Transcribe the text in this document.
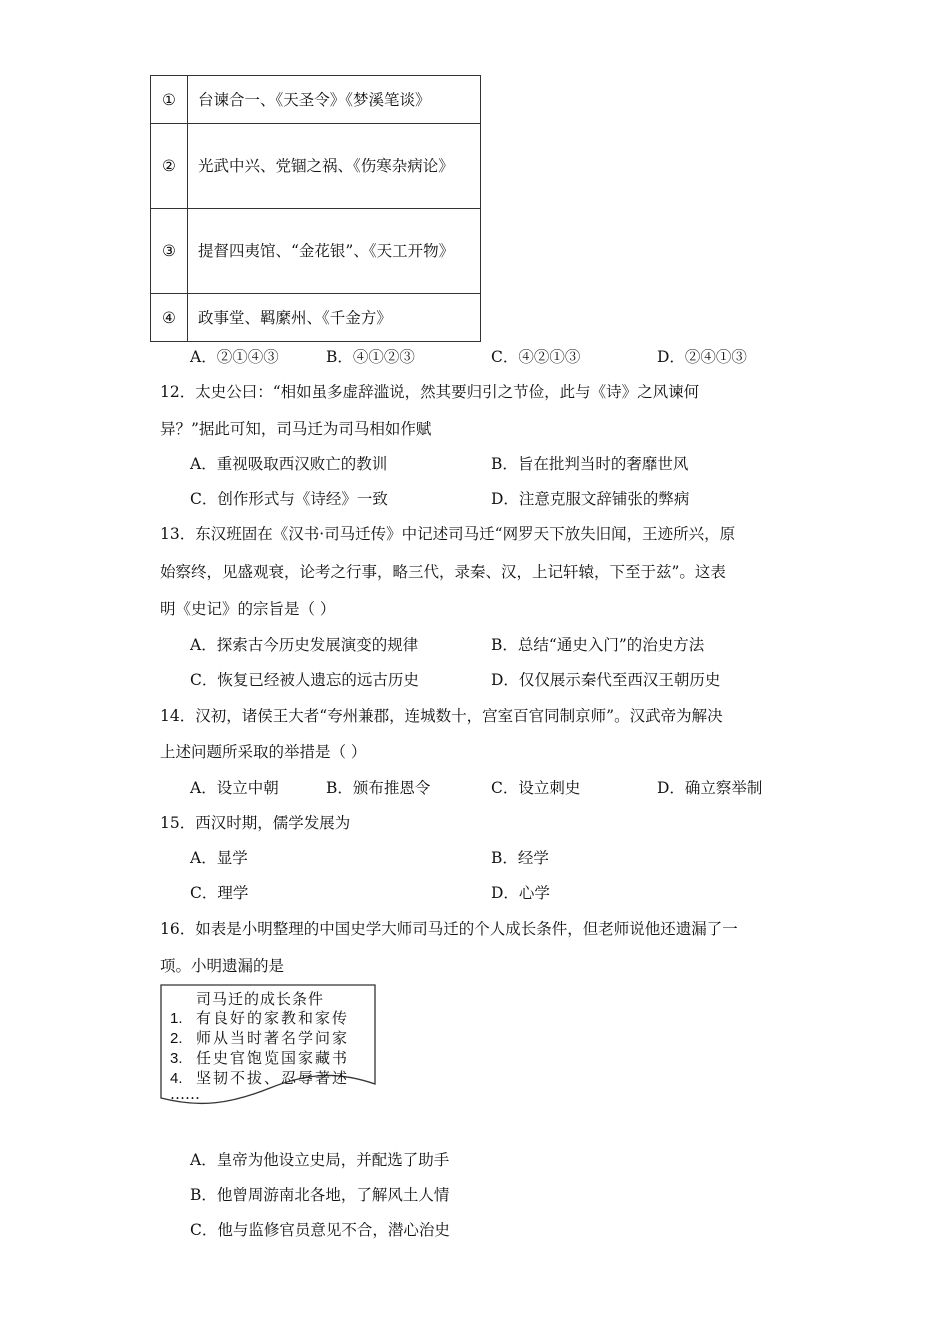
①	台谏合一、《天圣令》《梦溪笔谈》
②	光武中兴、党锢之祸、《伤寒杂病论》
③	提督四夷馆、“金花银”、《天工开物》
④	政事堂、羁縻州、《千金方》
A．②①④③	B．④①②③	C．④②①③	D．②④①③
12．太史公曰：“相如虽多虚辞滥说，然其要归引之节俭，此与《诗》之风谏何
异？”据此可知，司马迁为司马相如作赋
A．重视吸取西汉败亡的教训	B．旨在批判当时的奢靡世风
C．创作形式与《诗经》一致	D．注意克服文辞铺张的弊病
13．东汉班固在《汉书·司马迁传》中记述司马迁“网罗天下放失旧闻，王迹所兴，原
始察终，见盛观衰，论考之行事，略三代，录秦、汉，上记轩辕，下至于兹”。这表
明《史记》的宗旨是（ ）
A．探索古今历史发展演变的规律	B．总结“通史入门”的治史方法
C．恢复已经被人遗忘的远古历史	D．仅仅展示秦代至西汉王朝历史
14．汉初，诸侯王大者“夸州兼郡，连城数十，宫室百官同制京师”。汉武帝为解决
上述问题所采取的举措是（ ）
A．设立中朝	B．颁布推恩令	C．设立刺史	D．确立察举制
15．西汉时期，儒学发展为
A．显学	B．经学
C．理学	D．心学
16．如表是小明整理的中国史学大师司马迁的个人成长条件，但老师说他还遗漏了一
项。小明遗漏的是
司马迁的成长条件
1. 有良好的家教和家传
2. 师从当时著名学问家
3. 任史官饱览国家藏书
4. 坚韧不拔、忍辱著述
……
A．皇帝为他设立史局，并配选了助手
B．他曾周游南北各地，了解风土人情
C．他与监修官员意见不合，潜心治史
